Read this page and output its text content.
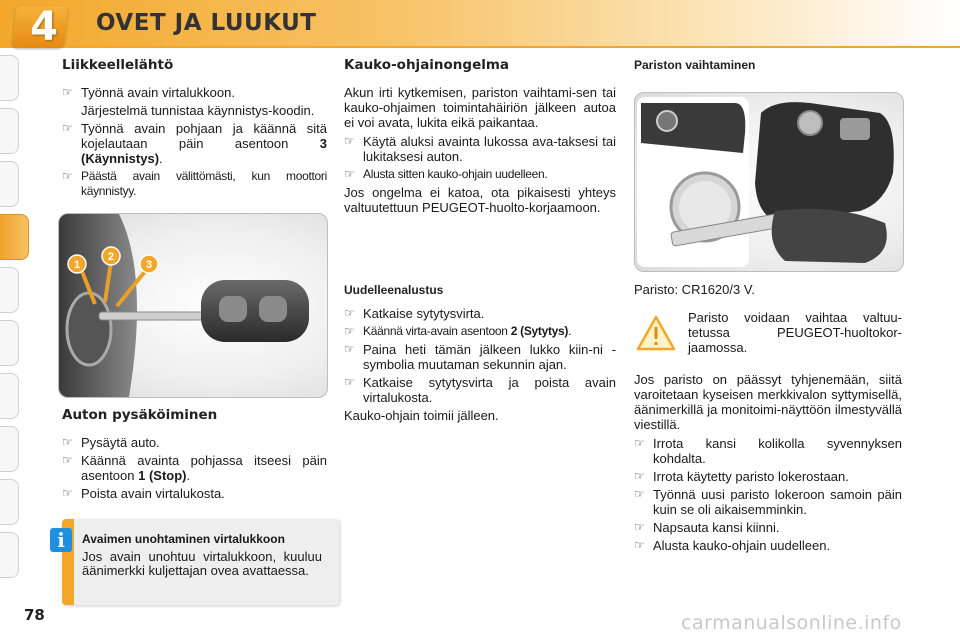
4 OVET JA LUUKUT
Liikkeellelähtö
☞ Työnnä avain virtalukkoon.
Järjestelmä tunnistaa käynnistys-koodin.
☞ Työnnä avain pohjaan ja käännä sitä kojelautaan päin asentoon 3 (Käynnistys).
☞ Päästä avain välittömästi, kun moottori käynnistyy.
1
2
3
Auton pysäköiminen
☞ Pysäytä auto.
☞ Käännä avainta pohjassa itseesi päin asentoon 1 (Stop).
☞ Poista avain virtalukosta.
i	Avaimen unohtaminen virtalukkoon
Jos avain unohtuu virtalukkoon, kuuluu äänimerkki kuljettajan ovea avattaessa.
Kauko-ohjainongelma

Akun irti kytkemisen, pariston vaihtami-sen tai kauko-ohjaimen toimintahäiriön jälkeen autoa ei voi avata, lukita eikä paikantaa.

☞ Käytä aluksi avainta lukossa ava-taksesi tai lukitaksesi auton.
☞ Alusta sitten kauko-ohjain uudelleen.

Jos ongelma ei katoa, ota pikaisesti yhteys valtuutettuun PEUGEOT-huolto-korjaamoon.

Uudelleenalustus
☞ Katkaise sytytysvirta.
☞ Käännä virta-avain asentoon 2 (Sytytys).
☞ Paina heti tämän jälkeen lukko kiin-ni -symbolia muutaman sekunnin ajan.
☞ Katkaise sytytysvirta ja poista avain virtalukosta.

Kauko-ohjain toimii jälleen.

Pariston vaihtaminen

Paristo: CR1620/3 V.

Paristo voidaan vaihtaa valtuu-tetussa PEUGEOT-huoltokor-jaamossa.

Jos paristo on päässyt tyhjenemään, siitä varoitetaan kyseisen merkkivalon syttymisellä, äänimerkillä ja monitoimi-näyttöön ilmestyvällä viestillä.

☞ Irrota kansi kolikolla syvennyksen kohdalta.
☞ Irrota käytetty paristo lokerostaan.
☞ Työnnä uusi paristo lokeroon samoin päin kuin se oli aikaisemminkin.
☞ Napsauta kansi kiinni.
☞ Alusta kauko-ohjain uudelleen.
78	carmanualsonline.info
